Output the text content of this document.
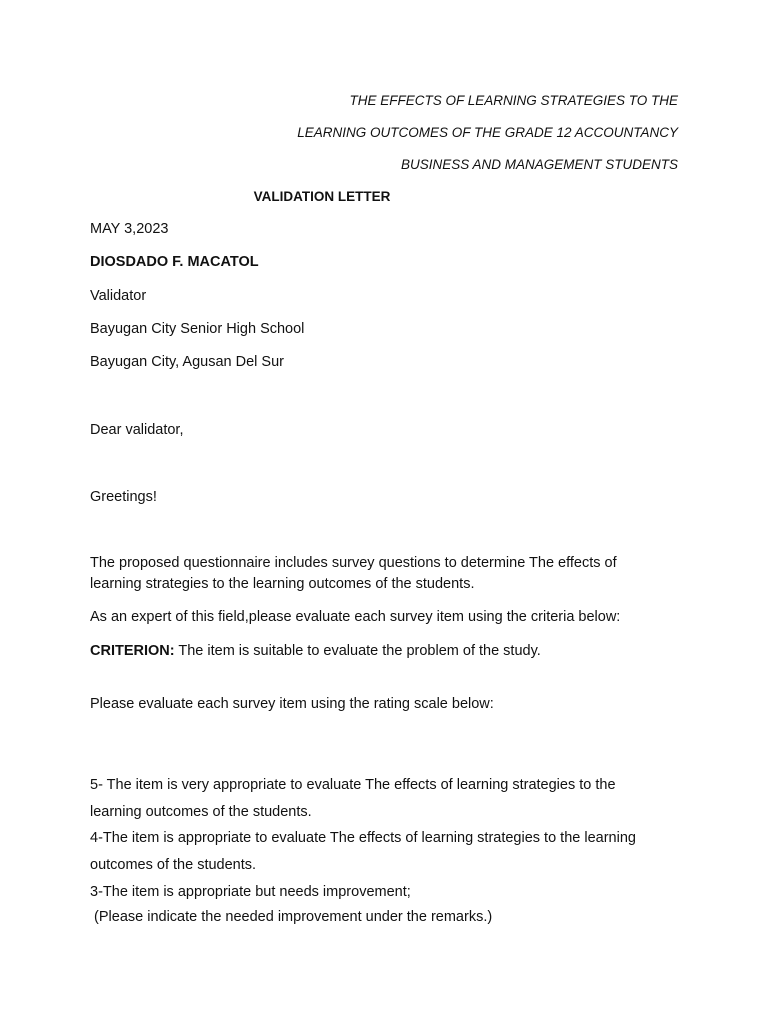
THE EFFECTS OF LEARNING STRATEGIES TO THE
LEARNING OUTCOMES OF THE GRADE 12 ACCOUNTANCY
BUSINESS AND MANAGEMENT STUDENTS
VALIDATION LETTER
MAY 3,2023
DIOSDADO F. MACATOL
Validator
Bayugan City Senior High School
Bayugan City, Agusan Del Sur
Dear validator,
Greetings!
The proposed questionnaire includes survey questions to determine The effects of
learning strategies to the learning outcomes of the students.
As an expert of this field,please evaluate each survey item using the criteria below:
CRITERION: The item is suitable to evaluate the problem of the study.
Please evaluate each survey item using the rating scale below:
5- The item is very appropriate to evaluate The effects of learning strategies to the
learning outcomes of the students.
4-The item is appropriate to evaluate The effects of learning strategies to the learning
outcomes of the students.
3-The item is appropriate but needs improvement;
(Please indicate the needed improvement under the remarks.)
